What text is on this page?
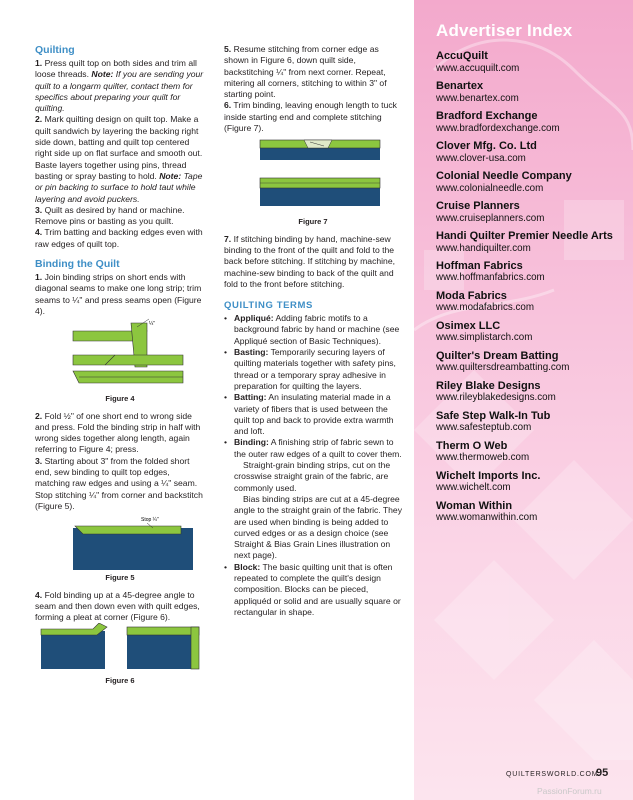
Quilting

1. Press quilt top on both sides and trim all loose threads. Note: If you are sending your quilt to a longarm quilter, contact them for specifics about preparing your quilt for quilting.

2. Mark quilting design on quilt top. Make a quilt sandwich by layering the backing right side down, batting and quilt top centered right side up on flat surface and smooth out. Baste layers together using pins, thread basting or spray basting to hold. Note: Tape or pin backing to surface to hold taut while layering and avoid puckers.

3. Quilt as desired by hand or machine. Remove pins or basting as you quilt.

4. Trim batting and backing edges even with raw edges of quilt top.

Binding the Quilt

1. Join binding strips on short ends with diagonal seams to make one long strip; trim seams to ¼" and press seams open (Figure 4).

¼"
Figure 4

2. Fold ½" of one short end to wrong side and press. Fold the binding strip in half with wrong sides together along length, again referring to Figure 4; press.

3. Starting about 3" from the folded short end, sew binding to quilt top edges, matching raw edges and using a ¼" seam. Stop stitching ¼" from corner and backstitch (Figure 5).

Stop ¼"
Figure 5

4. Fold binding up at a 45-degree angle to seam and then down even with quilt edges, forming a pleat at corner (Figure 6).

Figure 6

5. Resume stitching from corner edge as shown in Figure 6, down quilt side, backstitching ¼" from next corner. Repeat, mitering all corners, stitching to within 3" of starting point.

6. Trim binding, leaving enough length to tuck inside starting end and complete stitching (Figure 7).

Figure 7

7. If stitching binding by hand, machine-sew binding to the front of the quilt and fold to the back before stitching. If stitching by machine, machine-sew binding to back of the quilt and fold to the front before stitching.

QUILTING TERMS
• Appliqué: Adding fabric motifs to a background fabric by hand or machine (see Appliqué section of Basic Techniques).
• Basting: Temporarily securing layers of quilting materials together with safety pins, thread or a temporary spray adhesive in preparation for quilting the layers.
• Batting: An insulating material made in a variety of fibers that is used between the quilt top and back to provide extra warmth and loft.
• Binding: A finishing strip of fabric sewn to the outer raw edges of a quilt to cover them.

Straight-grain binding strips, cut on the crosswise straight grain of the fabric, are commonly used.

Bias binding strips are cut at a 45-degree angle to the straight grain of the fabric. They are used when binding is being added to curved edges or as a design choice (see Straight & Bias Grain Lines illustration on next page).

• Block: The basic quilting unit that is often repeated to complete the quilt's design composition. Blocks can be pieced, appliquéd or solid and are usually square or rectangular in shape.
Advertiser Index
AccuQuilt
www.accuquilt.com
Benartex
www.benartex.com
Bradford Exchange
www.bradfordexchange.com
Clover Mfg. Co. Ltd
www.clover-usa.com
Colonial Needle Company
www.colonialneedle.com
Cruise Planners
www.cruiseplanners.com
Handi Quilter Premier Needle Arts
www.handiquilter.com
Hoffman Fabrics
www.hoffmanfabrics.com
Moda Fabrics
www.modafabrics.com
Osimex LLC
www.simplistarch.com
Quilter's Dream Batting
www.quiltersdreambatting.com
Riley Blake Designs
www.rileyblakedesigns.com
Safe Step Walk-In Tub
www.safesteptub.com
Therm O Web
www.thermoweb.com
Wichelt Imports Inc.
www.wichelt.com
Woman Within
www.womanwithin.com
QUILTERSWORLD.COM
95
PassionForum.ru
